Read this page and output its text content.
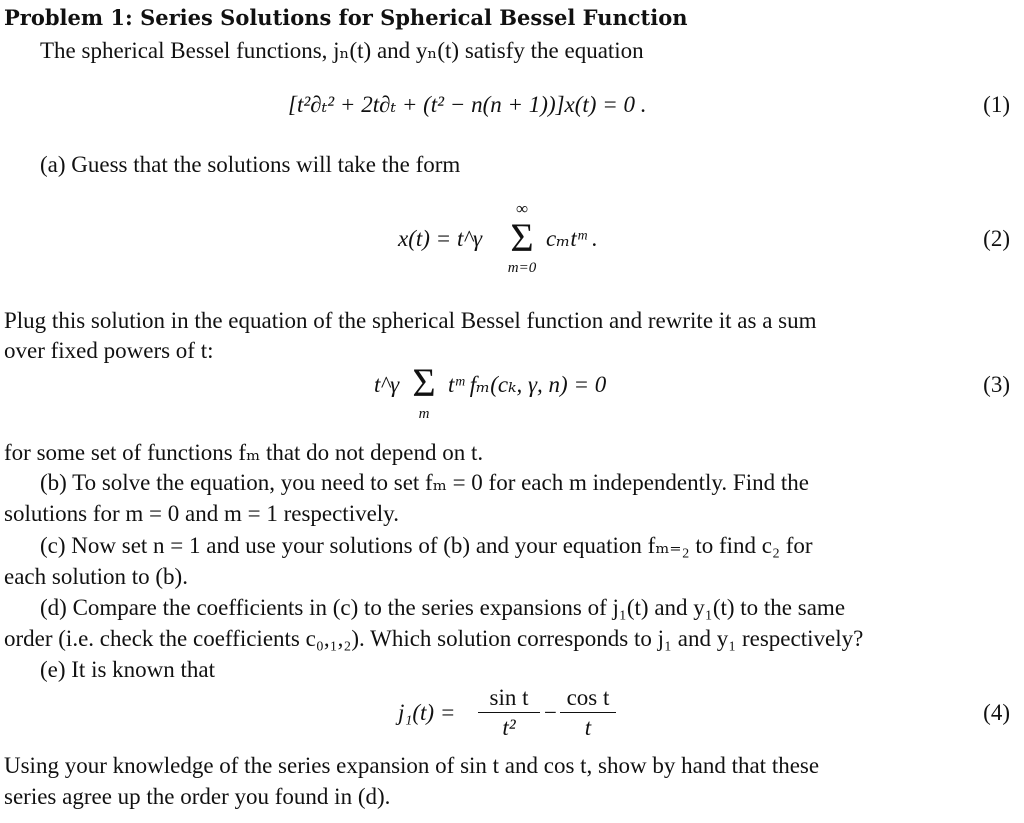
Problem 1: Series Solutions for Spherical Bessel Function
The spherical Bessel functions, jₙ(t) and yₙ(t) satisfy the equation
[t²∂ₜ² + 2t∂ₜ + (t² − n(n + 1))]x(t) = 0 .	(1)
(a) Guess that the solutions will take the form
x(t) = t^γ
∞
Σ
m=0
cₘtᵐ .	(2)
Plug this solution in the equation of the spherical Bessel function and rewrite it as a sum
over fixed powers of t:
t^γ Σ
m
tᵐ fₘ(cₖ, γ, n) = 0	(3)
for some set of functions fₘ that do not depend on t.
(b) To solve the equation, you need to set fₘ = 0 for each m independently. Find the
solutions for m = 0 and m = 1 respectively.
(c) Now set n = 1 and use your solutions of (b) and your equation fₘ₌₂ to find c₂ for
each solution to (b).
(d) Compare the coefficients in (c) to the series expansions of j₁(t) and y₁(t) to the same
order (i.e. check the coefficients c₀,₁,₂). Which solution corresponds to j₁ and y₁ respectively?
(e) It is known that
$j_1(t) = \frac{\text{sin t}}{\text{t²}} - \frac{\text{cos t}}{t}$	(4)
Using your knowledge of the series expansion of sin t and cos t, show by hand that these
series agree up the order you found in (d).
